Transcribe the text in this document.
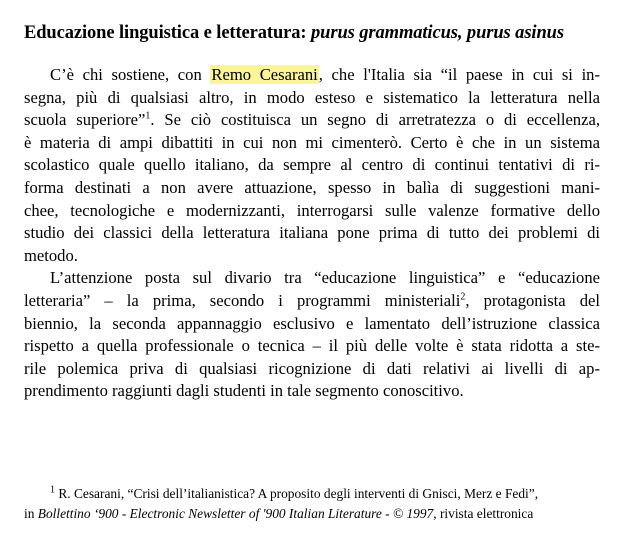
Educazione linguistica e letteratura: purus grammaticus, purus asinus
C’è chi sostiene, con Remo Cesarani, che l'Italia sia “il paese in cui si in-
segna, più di qualsiasi altro, in modo esteso e sistematico la letteratura nella
scuola superiore”$^1$. Se ciò costituisca un segno di arretratezza o di eccellenza,
è materia di ampi dibattiti in cui non mi cimenterò. Certo è che in un sistema
scolastico quale quello italiano, da sempre al centro di continui tentativi di ri-
forma destinati a non avere attuazione, spesso in balìa di suggestioni mani-
chee, tecnologiche e modernizzanti, interrogarsi sulle valenze formative dello
studio dei classici della letteratura italiana pone prima di tutto dei problemi di
metodo.
L’attenzione posta sul divario tra “educazione linguistica” e “educazione
letteraria” – la prima, secondo i programmi ministeriali$^2$, protagonista del
biennio, la seconda appannaggio esclusivo e lamentato dell’istruzione classica
rispetto a quella professionale o tecnica – il più delle volte è stata ridotta a ste-
rile polemica priva di qualsiasi ricognizione di dati relativi ai livelli di ap-
prendimento raggiunti dagli studenti in tale segmento conoscitivo.
$^1$ R. Cesarani, “Crisi dell’italianistica? A proposito degli interventi di Gnisci, Merz e Fedi”,
in Bollettino ‘900 - Electronic Newsletter of '900 Italian Literature - © 1997, rivista elettronica
